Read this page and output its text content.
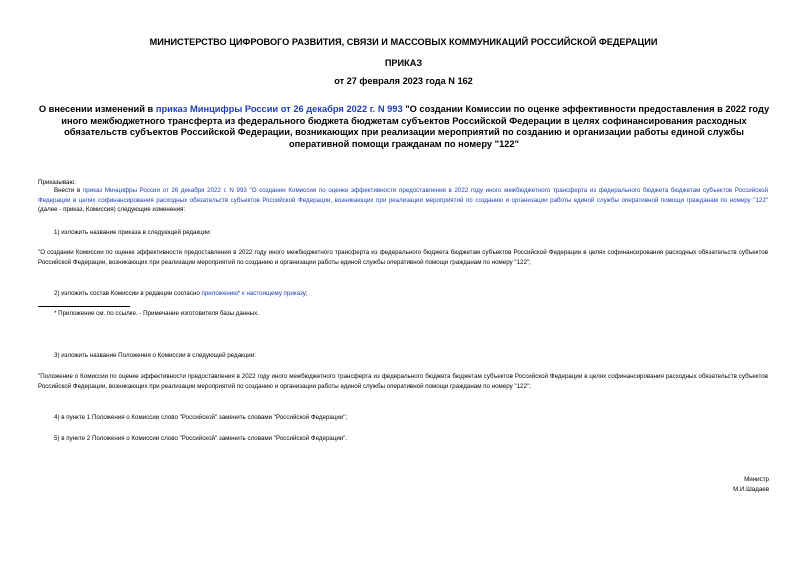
МИНИСТЕРСТВО ЦИФРОВОГО РАЗВИТИЯ, СВЯЗИ И МАССОВЫХ КОММУНИКАЦИЙ РОССИЙСКОЙ ФЕДЕРАЦИИ
ПРИКАЗ
от 27 февраля 2023 года N 162
О внесении изменений в приказ Минцифры России от 26 декабря 2022 г. N 993 "О создании Комиссии по оценке эффективности предоставления в 2022 году иного межбюджетного трансферта из федерального бюджета бюджетам субъектов Российской Федерации в целях софинансирования расходных обязательств субъектов Российской Федерации, возникающих при реализации мероприятий по созданию и организации работы единой службы оперативной помощи гражданам по номеру "122"
Приказываю:
Внести в приказ Минцифры России от 26 декабря 2022 г. N 993 "О создании Комиссии по оценке эффективности предоставления в 2022 году иного межбюджетного трансферта из федерального бюджета бюджетам субъектов Российской Федерации в целях софинансирования расходных обязательств субъектов Российской Федерации, возникающих при реализации мероприятий по созданию и организации работы единой службы оперативной помощи гражданам по номеру "122" (далее - приказ, Комиссия) следующие изменения:
1) изложить название приказа в следующей редакции:
"О создании Комиссии по оценке эффективности предоставления в 2022 году иного межбюджетного трансферта из федерального бюджета бюджетам субъектов Российской Федерации в целях софинансирования расходных обязательств субъектов Российской Федерации, возникающих при реализации мероприятий по созданию и организации работы единой службы оперативной помощи гражданам по номеру "122";
2) изложить состав Комиссии в редакции согласно приложению* к настоящему приказу;
* Приложение см. по ссылке. - Примечание изготовителя базы данных.
3) изложить название Положения о Комиссии в следующей редакции:
"Положение о Комиссии по оценке эффективности предоставления в 2022 году иного межбюджетного трансферта из федерального бюджета бюджетам субъектов Российской Федерации в целях софинансирования расходных обязательств субъектов Российской Федерации, возникающих при реализации мероприятий по созданию и организации работы единой службы оперативной помощи гражданам по номеру "122";
4) в пункте 1 Положения о Комиссии слово "Российской" заменить словами "Российской Федерации";
5) в пункте 2 Положения о Комиссии слово "Российской" заменить словами "Российской Федерации".
Министр
М.И.Шадаев
